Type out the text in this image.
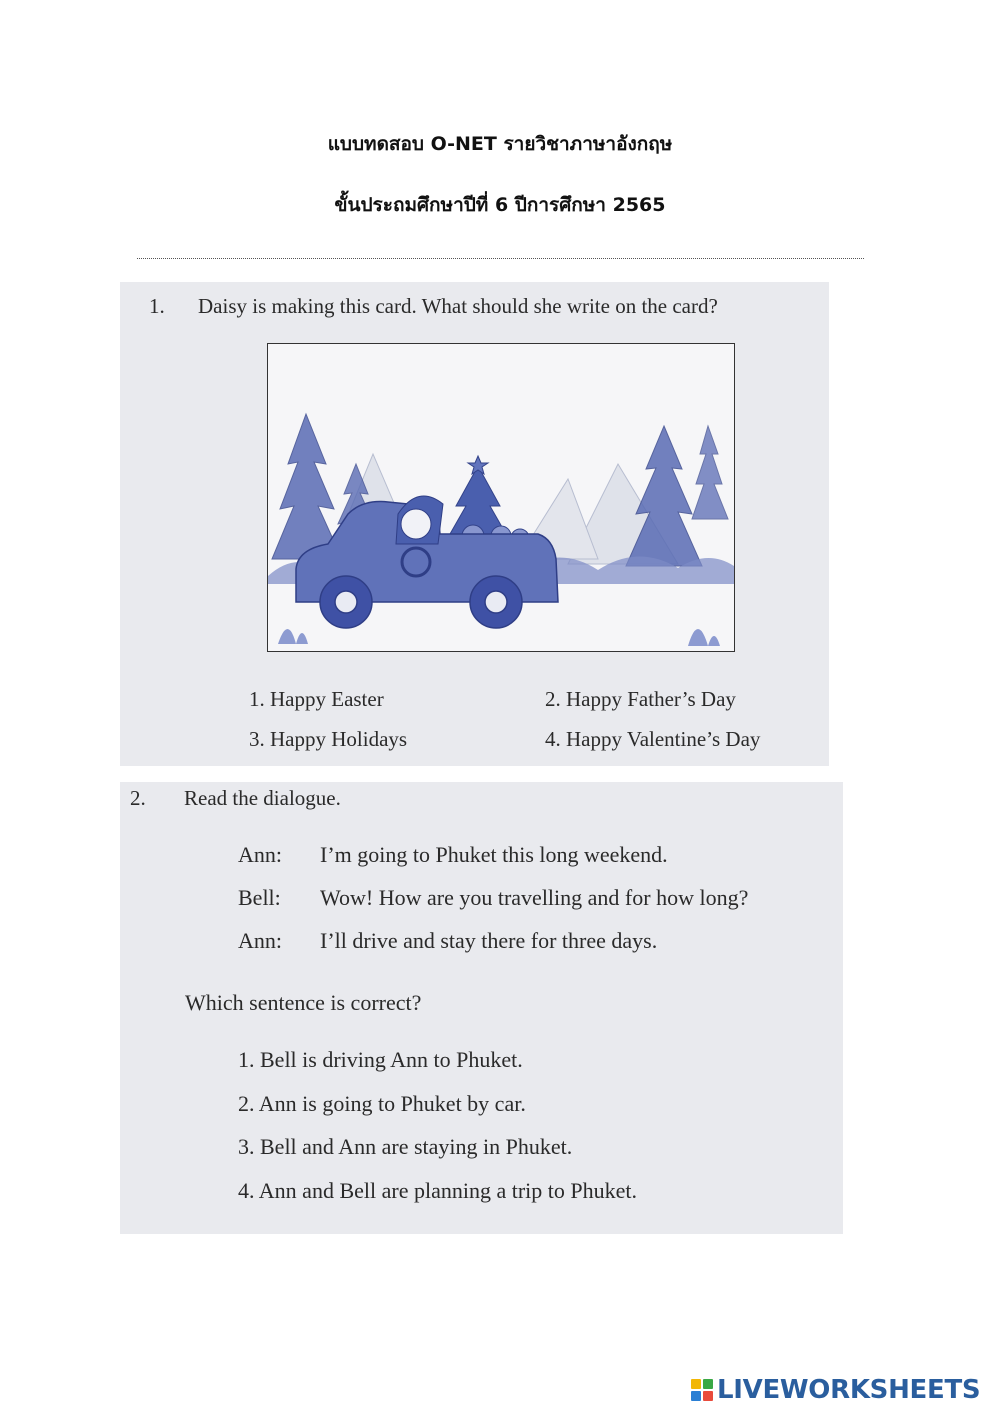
แบบทดสอบ O-NET รายวิชาภาษาอังกฤษ
ขั้นประถมศึกษาปีที่ 6 ปีการศึกษา 2565
1. Daisy is making this card. What should she write on the card?
1. Happy Easter	2. Happy Father’s Day
3. Happy Holidays	4. Happy Valentine’s Day
2. Read the dialogue.
Ann: I’m going to Phuket this long weekend.
Bell: Wow! How are you travelling and for how long?
Ann: I’ll drive and stay there for three days.
Which sentence is correct?
1. Bell is driving Ann to Phuket.
2. Ann is going to Phuket by car.
3. Bell and Ann are staying in Phuket.
4. Ann and Bell are planning a trip to Phuket.
LIVEWORKSHEETS
